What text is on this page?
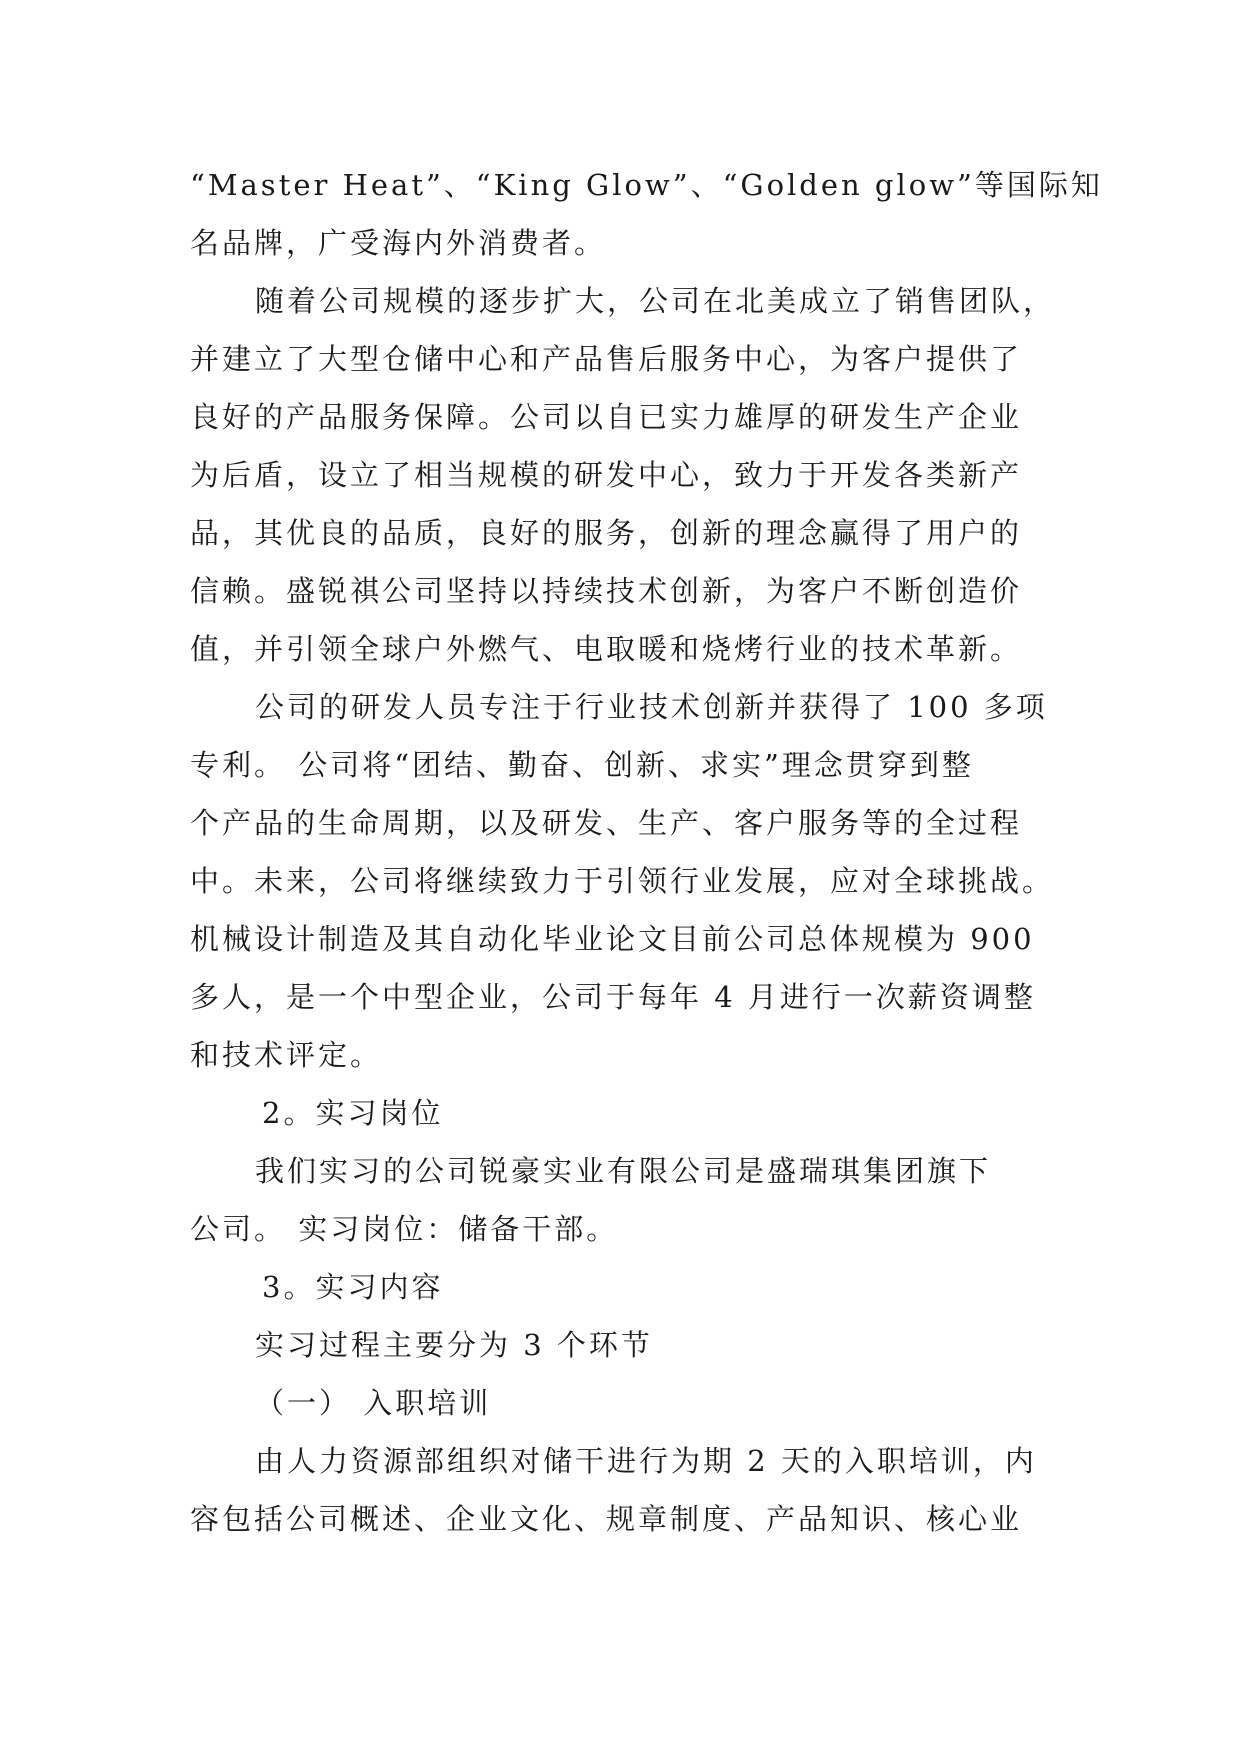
“Master Heat”、“King Glow”、“Golden glow”等国际知
名品牌，广受海内外消费者。
随着公司规模的逐步扩大，公司在北美成立了销售团队，
并建立了大型仓储中心和产品售后服务中心，为客户提供了
良好的产品服务保障。公司以自已实力雄厚的研发生产企业
为后盾，设立了相当规模的研发中心，致力于开发各类新产
品，其优良的品质，良好的服务，创新的理念赢得了用户的
信赖。盛锐祺公司坚持以持续技术创新，为客户不断创造价
值，并引领全球户外燃气、电取暖和烧烤行业的技术革新。
公司的研发人员专注于行业技术创新并获得了 100 多项
专利。 公司将“团结、勤奋、创新、求实”理念贯穿到整
个产品的生命周期，以及研发、生产、客户服务等的全过程
中。未来，公司将继续致力于引领行业发展，应对全球挑战。
机械设计制造及其自动化毕业论文目前公司总体规模为 900
多人，是一个中型企业，公司于每年 4 月进行一次薪资调整
和技术评定。
2。实习岗位
我们实习的公司锐豪实业有限公司是盛瑞琪集团旗下
公司。 实习岗位：储备干部。
3。实习内容
实习过程主要分为 3 个环节
（一） 入职培训
由人力资源部组织对储干进行为期 2 天的入职培训，内
容包括公司概述、企业文化、规章制度、产品知识、核心业
